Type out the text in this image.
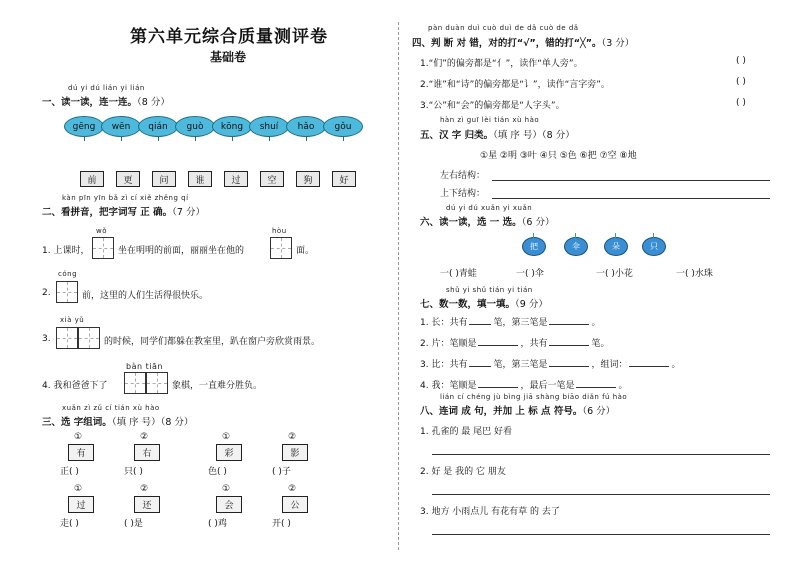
第六单元综合质量测评卷
基础卷
dú yi dú lián yi lián
一、读一读，连一连。（8 分）
gēng	wēn	qián	guò	kōng	shuí	hǎo	gǒu
前	更	问	谁	过	空	狗	好
kàn pīn yīn bǎ zì cí xiě zhěng qí
二、看拼音，把字词写 正 确。（7 分）
1. 上课时，
wǒ
坐在明明的前面，丽丽坐在他的
hòu
面。
cóng
2.	前，这里的人们生活得很快乐。
xià yǔ
3.	的时候，同学们都躲在教室里，趴在窗户旁欣赏雨景。
4. 我和爸爸下了
bàn tiān
象棋，一直难分胜负。
xuǎn zì zǔ cí tián xù hào
三、选 字组词。（填 序 号）（8 分）
①
有
②
右
正( )	只( )
①
彩
②
影
色( )	( )子
①
过
②
还
走( )	( )是
①
会
②
公
( )鸡	开( )
pàn duàn duì cuò duì de dǎ cuò de dǎ
四、判 断 对 错，对的打“√”，错的打“╳”。（3 分）
1.“们”的偏旁都是“亻”，读作“单人旁”。	( )
2.“谁”和“诗”的偏旁都是“讠”，读作“言字旁”。	( )
3.“公”和“会”的偏旁都是“人字头”。	( )
hàn zì guī lèi tián xù hào
五、汉 字 归类。（填 序 号）（8 分）
①星 ②明 ③叶 ④只 ⑤色 ⑥把 ⑦空 ⑧地
左右结构：
上下结构：
dú yi dú xuǎn yi xuǎn
六、读一读，选 一 选。（6 分）
把	伞	朵	只
一( )青蛙	一( )伞	一( )小花	一( )水珠
shǔ yi shǔ tián yi tián
七、数一数，填一填。（9 分）
1. 长：共有	笔，第三笔是	。
2. 片：笔顺是	，共有	笔。
3. 比：共有	笔，第三笔是	，组词：	。
4. 我：笔顺是	，最后一笔是	。
lián cí chéng jù bìng jiā shàng biāo diǎn fú hào
八、连词 成 句，并加 上 标 点 符号。（6 分）
1. 孔雀的 最 尾巴 好看
2. 好 是 我的 它 朋友
3. 地方 小雨点儿 有花有草 的 去了
